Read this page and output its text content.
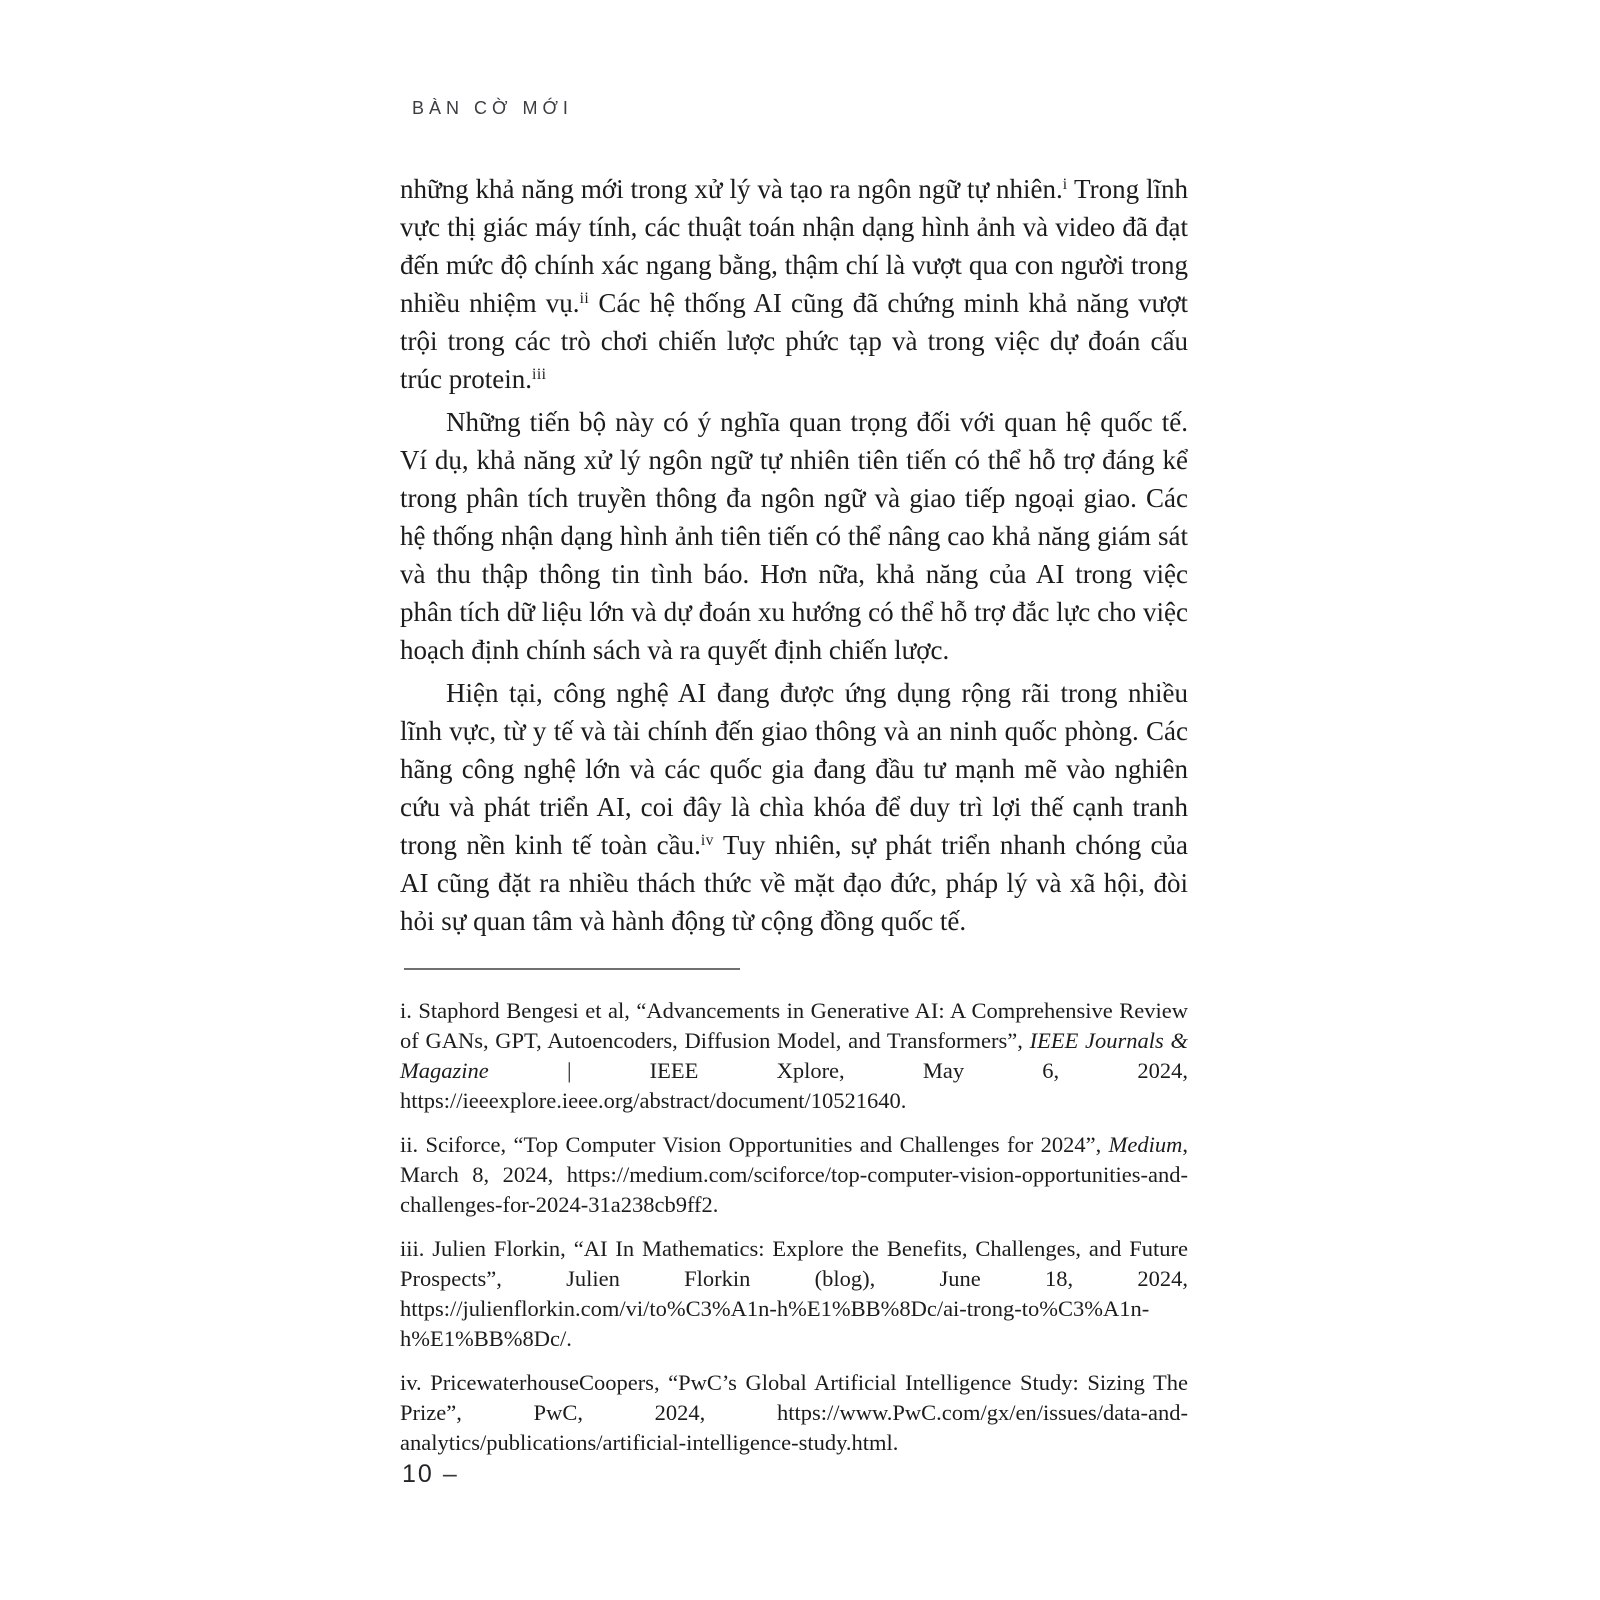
BÀN CỜ MỚI

những khả năng mới trong xử lý và tạo ra ngôn ngữ tự nhiên.$^i$ Trong lĩnh vực thị giác máy tính, các thuật toán nhận dạng hình ảnh và video đã đạt đến mức độ chính xác ngang bằng, thậm chí là vượt qua con người trong nhiều nhiệm vụ.$^{ii}$ Các hệ thống AI cũng đã chứng minh khả năng vượt trội trong các trò chơi chiến lược phức tạp và trong việc dự đoán cấu trúc protein.$^{iii}$

Những tiến bộ này có ý nghĩa quan trọng đối với quan hệ quốc tế. Ví dụ, khả năng xử lý ngôn ngữ tự nhiên tiên tiến có thể hỗ trợ đáng kể trong phân tích truyền thông đa ngôn ngữ và giao tiếp ngoại giao. Các hệ thống nhận dạng hình ảnh tiên tiến có thể nâng cao khả năng giám sát và thu thập thông tin tình báo. Hơn nữa, khả năng của AI trong việc phân tích dữ liệu lớn và dự đoán xu hướng có thể hỗ trợ đắc lực cho việc hoạch định chính sách và ra quyết định chiến lược.

Hiện tại, công nghệ AI đang được ứng dụng rộng rãi trong nhiều lĩnh vực, từ y tế và tài chính đến giao thông và an ninh quốc phòng. Các hãng công nghệ lớn và các quốc gia đang đầu tư mạnh mẽ vào nghiên cứu và phát triển AI, coi đây là chìa khóa để duy trì lợi thế cạnh tranh trong nền kinh tế toàn cầu.$^{iv}$ Tuy nhiên, sự phát triển nhanh chóng của AI cũng đặt ra nhiều thách thức về mặt đạo đức, pháp lý và xã hội, đòi hỏi sự quan tâm và hành động từ cộng đồng quốc tế.

i. Staphord Bengesi et al, “Advancements in Generative AI: A Comprehensive Review of GANs, GPT, Autoencoders, Diffusion Model, and Transformers”, IEEE Journals & Magazine | IEEE Xplore, May 6, 2024, https://ieeexplore.ieee.org/abstract/document/10521640.

ii. Sciforce, “Top Computer Vision Opportunities and Challenges for 2024”, Medium, March 8, 2024, https://medium.com/sciforce/top-computer-vision-opportunities-and-challenges-for-2024-31a238cb9ff2.

iii. Julien Florkin, “AI In Mathematics: Explore the Benefits, Challenges, and Future Prospects”, Julien Florkin (blog), June 18, 2024, https://julienflorkin.com/vi/to%C3%A1n-h%E1%BB%8Dc/ai-trong-to%C3%A1n-h%E1%BB%8Dc/.

iv. PricewaterhouseCoopers, “PwC’s Global Artificial Intelligence Study: Sizing The Prize”, PwC, 2024, https://www.PwC.com/gx/en/issues/data-and-analytics/publications/artificial-intelligence-study.html.

10 –
